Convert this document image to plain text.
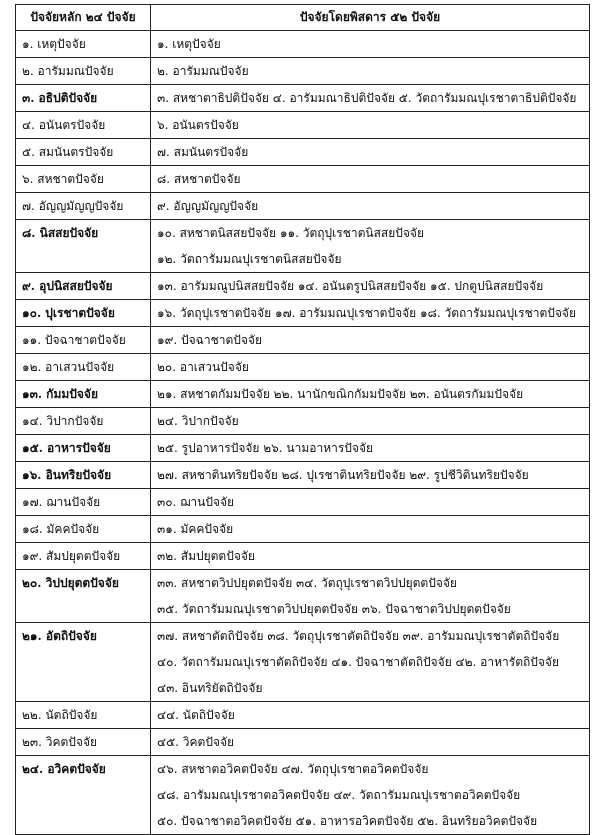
ปัจจัยหลัก ๒๔ ปัจจัย	ปัจจัยโดยพิสดาร ๕๒ ปัจจัย

๑. เหตุปัจจัย	๑. เหตุปัจจัย

๒. อารัมมณปัจจัย	๒. อารัมมณปัจจัย

๓. อธิปติปัจจัย	๓. สหชาตาธิปติปัจจัย ๔. อารัมมณาธิปติปัจจัย ๕. วัตถารัมมณปุเรชาตาธิปติปัจจัย

๔. อนันตรปัจจัย	๖. อนันตรปัจจัย

๕. สมนันตรปัจจัย	๗. สมนันตรปัจจัย

๖. สหชาตปัจจัย	๘. สหชาตปัจจัย

๗. อัญญมัญญปัจจัย	๙. อัญญมัญญปัจจัย

๘. นิสสยปัจจัย	๑๐. สหชาตนิสสยปัจจัย ๑๑. วัตถุปุเรชาตนิสสยปัจจัย
๑๒. วัตถารัมมณปุเรชาตนิสสยปัจจัย

๙. อุปนิสสยปัจจัย	๑๓. อารัมมณูปนิสสยปัจจัย ๑๔. อนันตรูปนิสสยปัจจัย ๑๕. ปกตูปนิสสยปัจจัย

๑๐. ปุเรชาตปัจจัย	๑๖. วัตถุปุเรชาตปัจจัย ๑๗. อารัมมณปุเรชาตปัจจัย ๑๘. วัตถารัมมณปุเรชาตปัจจัย

๑๑. ปัจฉาชาตปัจจัย	๑๙. ปัจฉาชาตปัจจัย

๑๒. อาเสวนปัจจัย	๒๐. อาเสวนปัจจัย

๑๓. กัมมปัจจัย	๒๑. สหชาตกัมมปัจจัย ๒๒. นานักขณิกกัมมปัจจัย ๒๓. อนันตรกัมมปัจจัย

๑๔. วิปากปัจจัย	๒๔. วิปากปัจจัย

๑๕. อาหารปัจจัย	๒๕. รูปอาหารปัจจัย ๒๖. นามอาหารปัจจัย

๑๖. อินทริยปัจจัย	๒๗. สหชาตินทริยปัจจัย ๒๘. ปุเรชาตินทริยปัจจัย ๒๙. รูปชีวิตินทริยปัจจัย

๑๗. ฌานปัจจัย	๓๐. ฌานปัจจัย

๑๘. มัคคปัจจัย	๓๑. มัคคปัจจัย

๑๙. สัมปยุตตปัจจัย	๓๒. สัมปยุตตปัจจัย

๒๐. วิปปยุตตปัจจัย	๓๓. สหชาตวิปปยุตตปัจจัย ๓๔. วัตถุปุเรชาตวิปปยุตตปัจจัย
๓๕. วัตถารัมมณปุเรชาตวิปปยุตตปัจจัย ๓๖. ปัจฉาชาตวิปปยุตตปัจจัย

๒๑. อัตถิปัจจัย	๓๗. สหชาตัตถิปัจจัย ๓๘. วัตถุปุเรชาตัตถิปัจจัย ๓๙. อารัมมณปุเรชาตัตถิปัจจัย
๔๐. วัตถารัมมณปุเรชาตัตถิปัจจัย ๔๑. ปัจฉาชาตัตถิปัจจัย ๔๒. อาหารัตถิปัจจัย
๔๓. อินทริยัตถิปัจจัย

๒๒. นัตถิปัจจัย	๔๔. นัตถิปัจจัย

๒๓. วิคตปัจจัย	๔๕. วิคตปัจจัย

๒๔. อวิคตปัจจัย	๔๖. สหชาตอวิคตปัจจัย ๔๗. วัตถุปุเรชาตอวิคตปัจจัย
๔๘. อารัมมณปุเรชาตอวิคตปัจจัย ๔๙. วัตถารัมมณปุเรชาตอวิคตปัจจัย
๕๐. ปัจฉาชาตอวิคตปัจจัย ๕๑. อาหารอวิคตปัจจัย ๕๒. อินทริยอวิคตปัจจัย
